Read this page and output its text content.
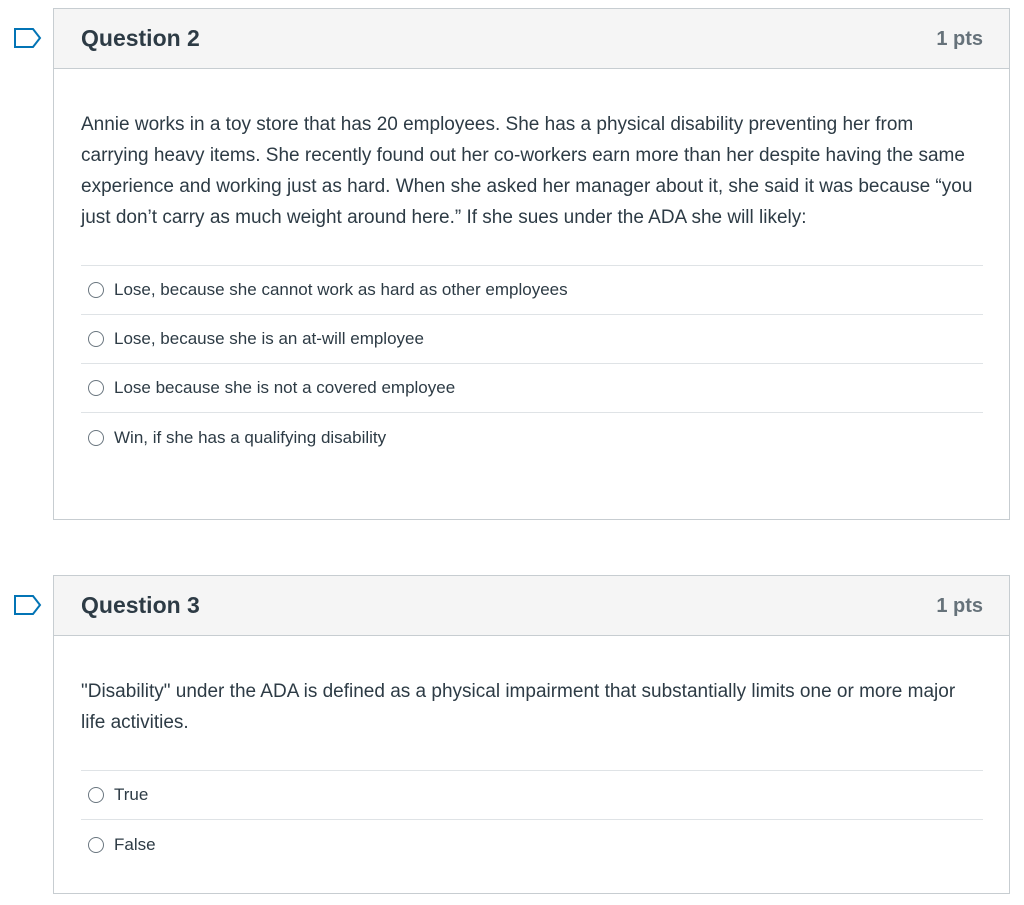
Question 2	1 pts

Annie works in a toy store that has 20 employees. She has a physical disability preventing her from carrying heavy items. She recently found out her co-workers earn more than her despite having the same experience and working just as hard. When she asked her manager about it, she said it was because “you just don’t carry as much weight around here.” If she sues under the ADA she will likely:

Lose, because she cannot work as hard as other employees
Lose, because she is an at-will employee
Lose because she is not a covered employee
Win, if she has a qualifying disability
Question 3	1 pts

"Disability" under the ADA is defined as a physical impairment that substantially limits one or more major life activities.

True
False
